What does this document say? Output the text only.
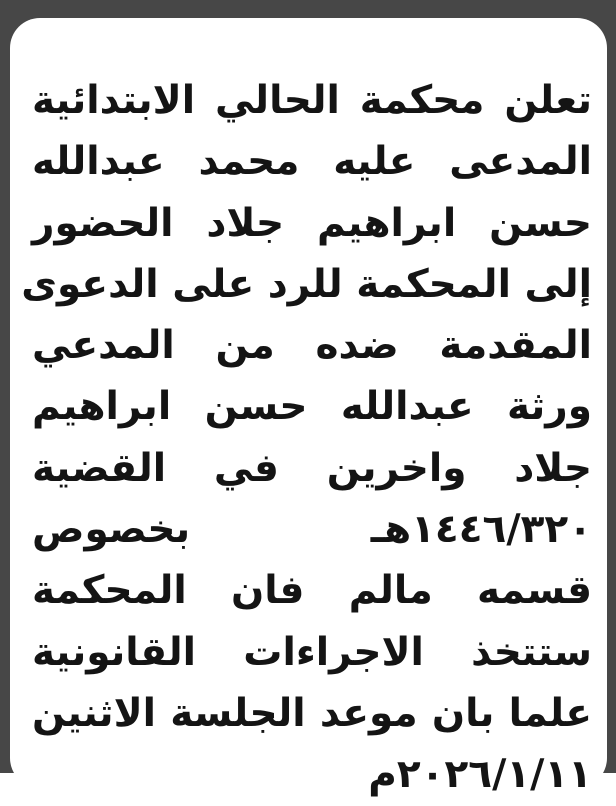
تعلن محكمة الحالي الابتدائية
المدعى عليه محمد عبدالله
حسن ابراهيم جلاد الحضور
إلى المحكمة للرد على الدعوى
المقدمة ضده من المدعي
ورثة عبدالله حسن ابراهيم
جلاد واخرين في القضية
١٤٤٦/٣٢٠هـ بخصوص
قسمه مالم فان المحكمة
ستتخذ الاجراءات القانونية
علما بان موعد الجلسة الاثنين
٢٠٢٦/١/١١م
